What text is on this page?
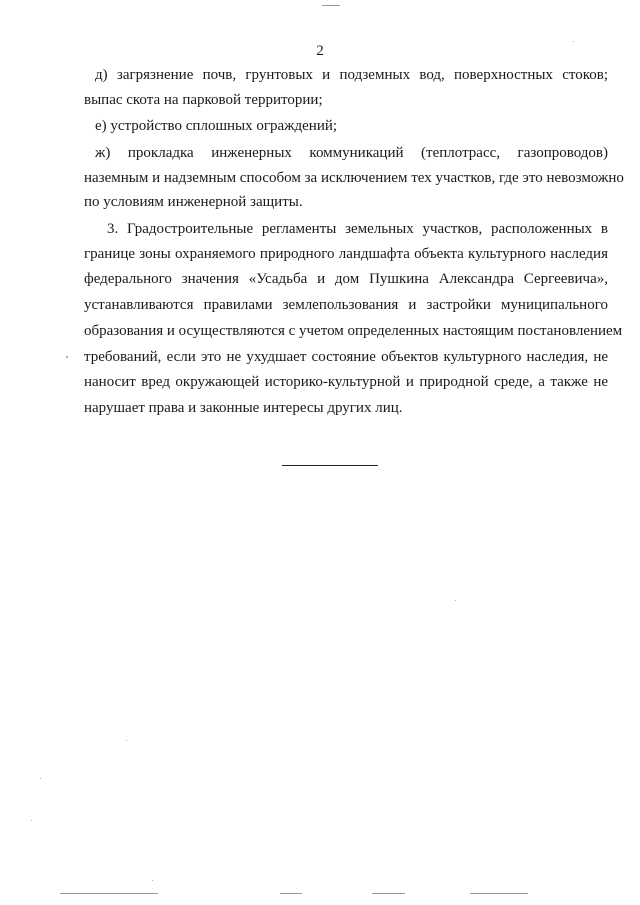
2
д) загрязнение почв, грунтовых и подземных вод, поверхностных стоков;
выпас скота на парковой территории;
е) устройство сплошных ограждений;
ж) прокладка инженерных коммуникаций (теплотрасс, газопроводов)
наземным и надземным способом за исключением тех участков, где это невозможно
по условиям инженерной защиты.
3. Градостроительные регламенты земельных участков, расположенных в
границе зоны охраняемого природного ландшафта объекта культурного наследия
федерального значения «Усадьба и дом Пушкина Александра Сергеевича»,
устанавливаются правилами землепользования и застройки муниципального
образования и осуществляются с учетом определенных настоящим постановлением
требований, если это не ухудшает состояние объектов культурного наследия, не
наносит вред окружающей историко-культурной и природной среде, а также не
нарушает права и законные интересы других лиц.
